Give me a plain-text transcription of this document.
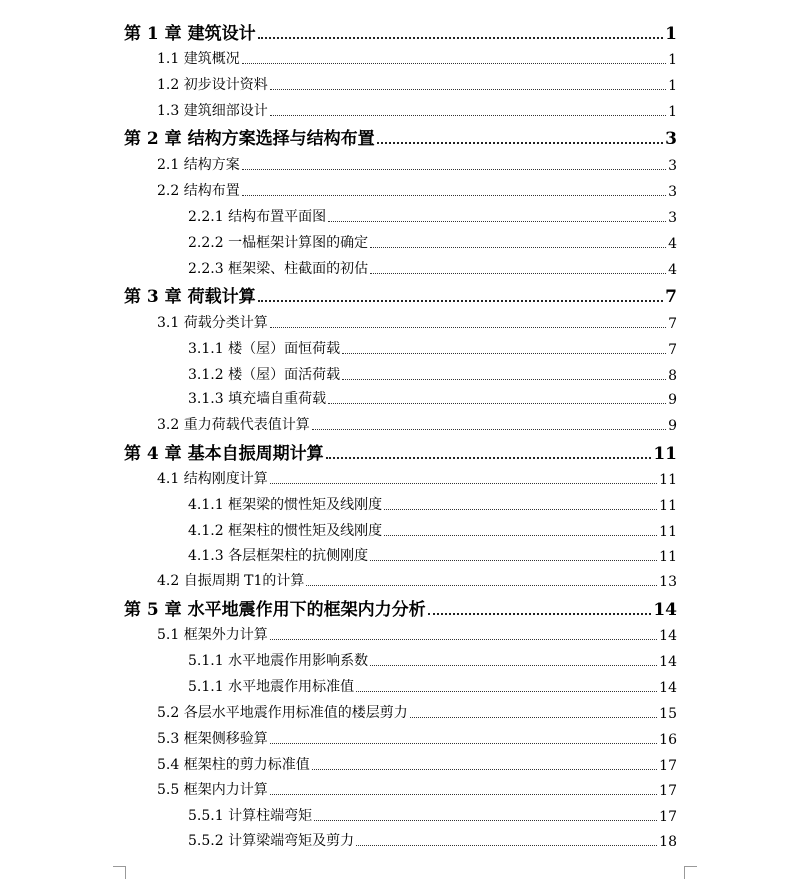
第 1 章 建筑设计	1
1.1 建筑概况	1
1.2 初步设计资料	1
1.3 建筑细部设计	1
第 2 章 结构方案选择与结构布置	3
2.1 结构方案	3
2.2 结构布置	3
2.2.1 结构布置平面图	3
2.2.2 一榀框架计算图的确定	4
2.2.3 框架梁、柱截面的初估	4
第 3 章 荷载计算	7
3.1 荷载分类计算	7
3.1.1 楼（屋）面恒荷载	7
3.1.2 楼（屋）面活荷载	8
3.1.3 填充墙自重荷载	9
3.2 重力荷载代表值计算	9
第 4 章 基本自振周期计算	11
4.1 结构刚度计算	11
4.1.1 框架梁的惯性矩及线刚度	11
4.1.2 框架柱的惯性矩及线刚度	11
4.1.3 各层框架柱的抗侧刚度	11
4.2 自振周期 T1的计算	13
第 5 章 水平地震作用下的框架内力分析	14
5.1 框架外力计算	14
5.1.1 水平地震作用影响系数	14
5.1.1 水平地震作用标准值	14
5.2 各层水平地震作用标准值的楼层剪力	15
5.3 框架侧移验算	16
5.4 框架柱的剪力标准值	17
5.5 框架内力计算	17
5.5.1 计算柱端弯矩	17
5.5.2 计算梁端弯矩及剪力	18
